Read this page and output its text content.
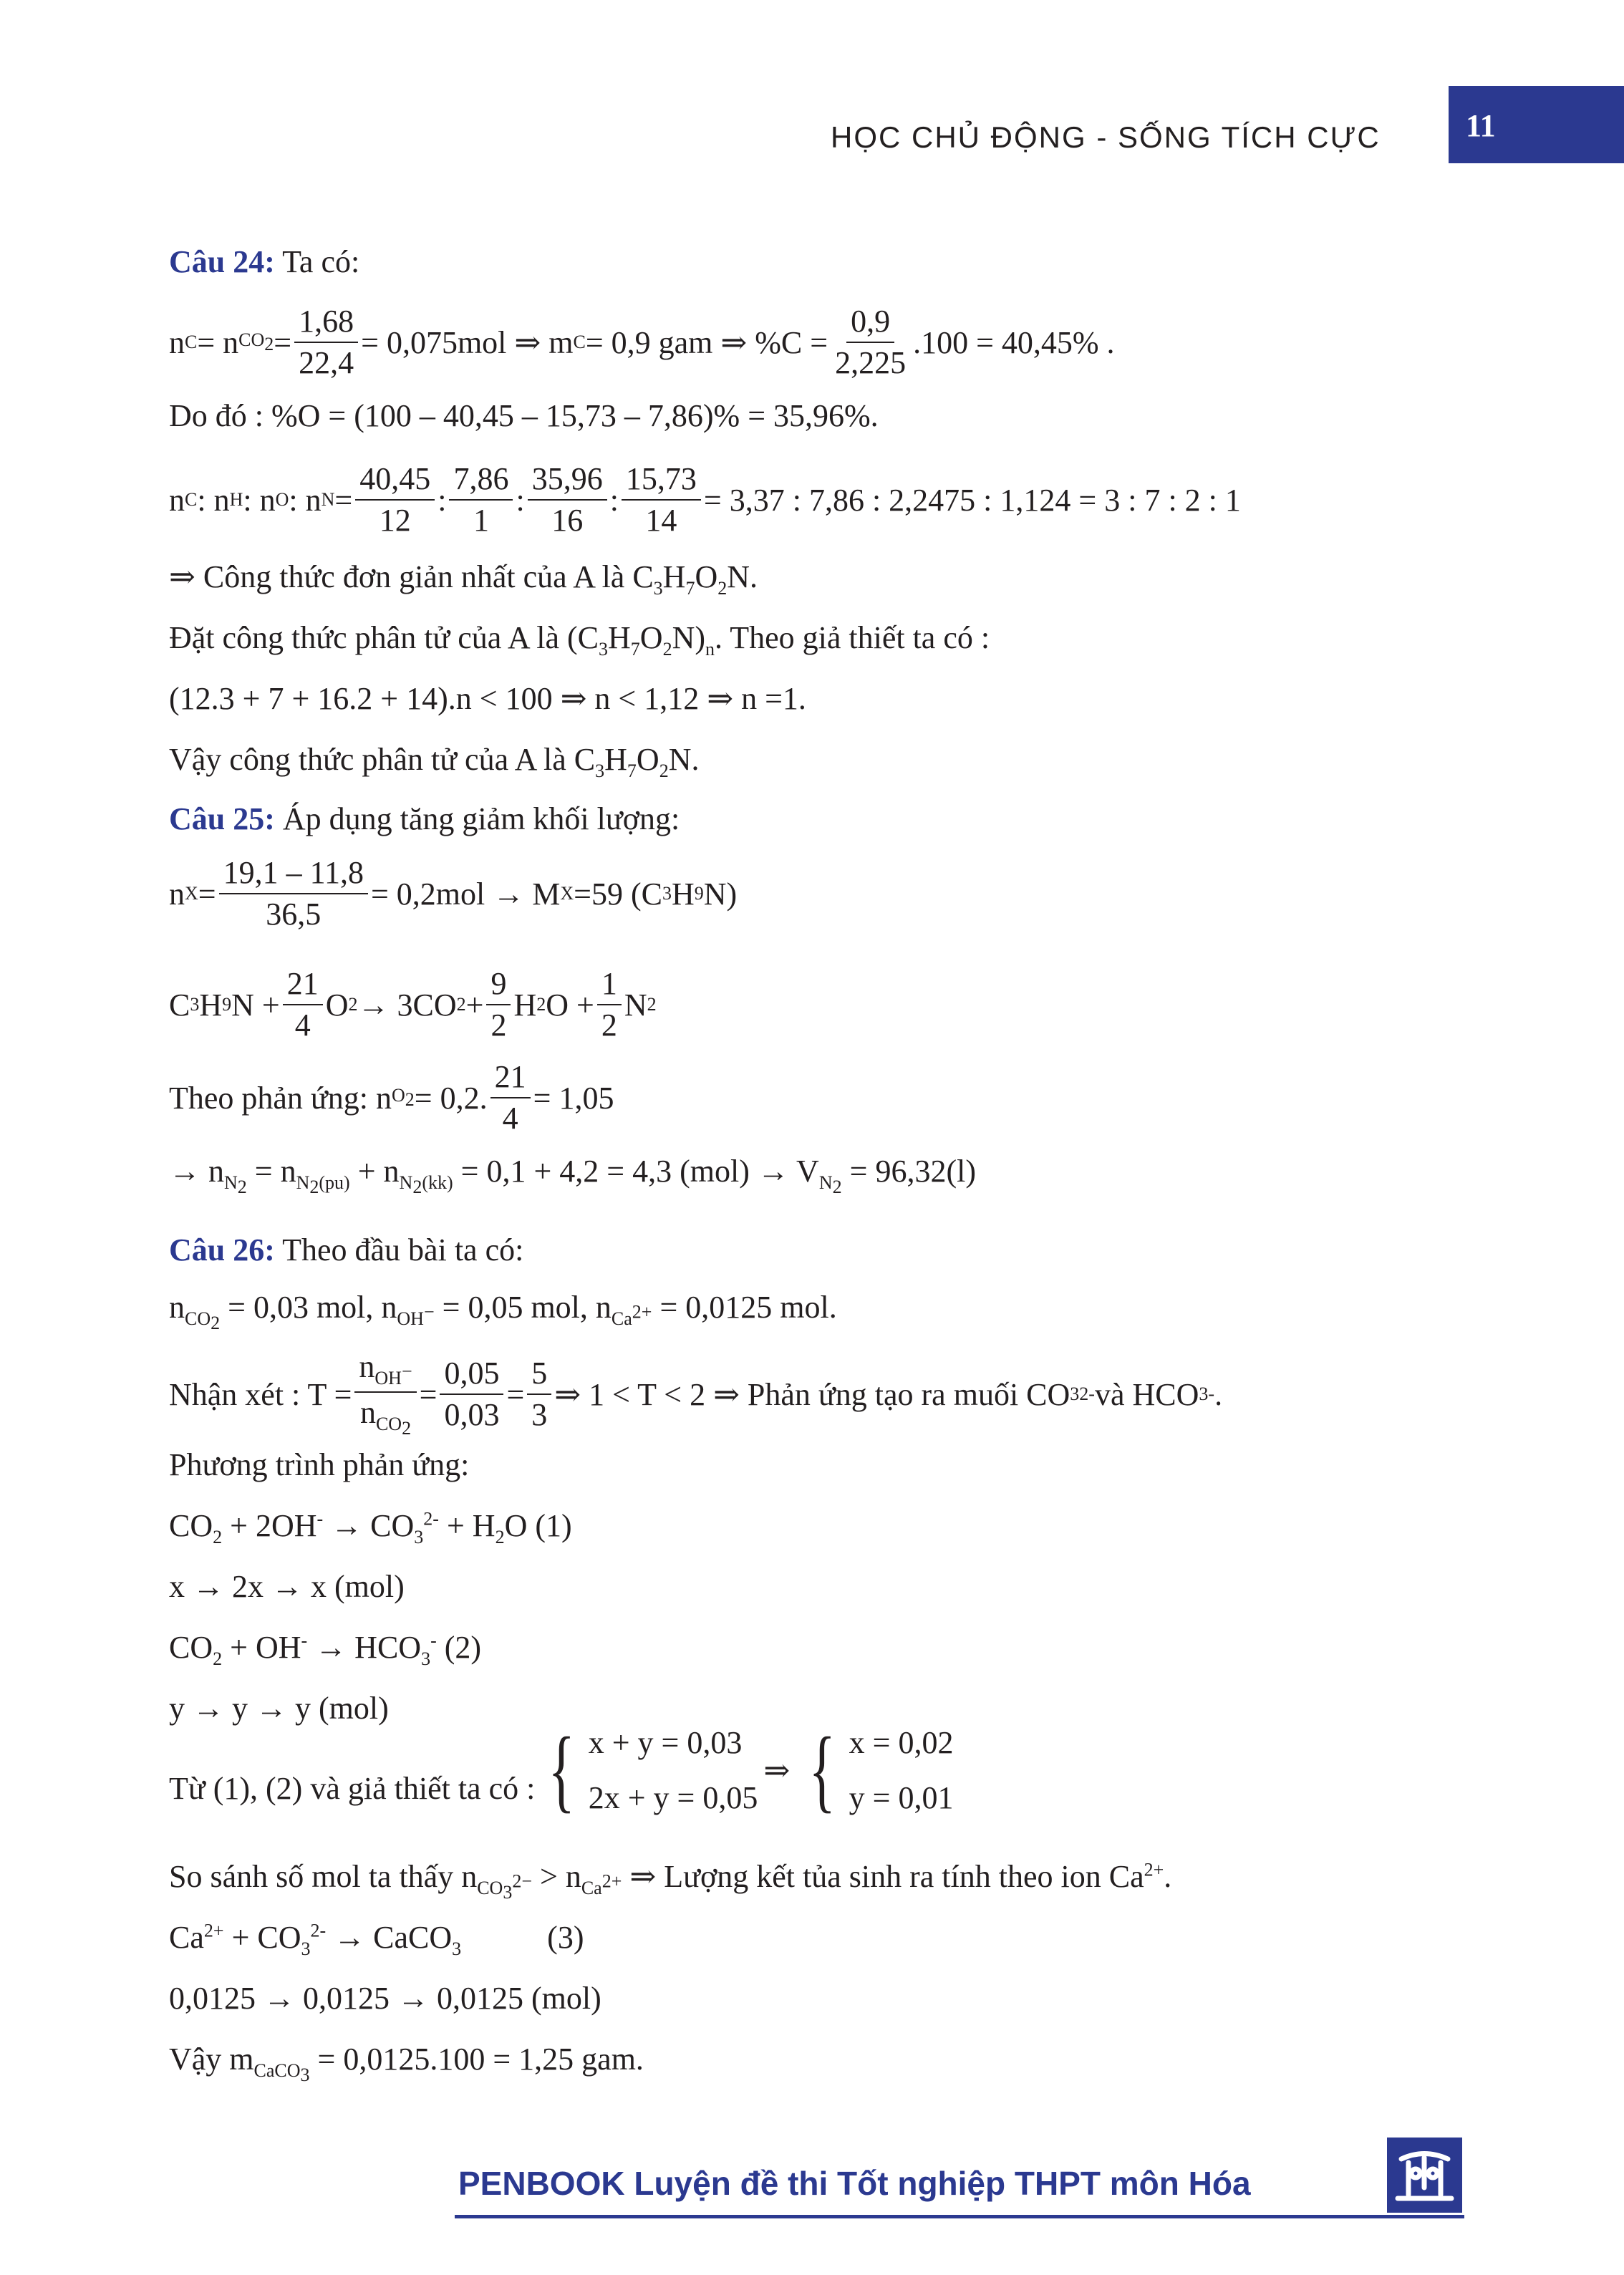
HỌC CHỦ ĐỘNG - SỐNG TÍCH CỰC	11
Câu 24: Ta có:
n C = n $CO_2 = \frac{1,68}{22,4} = 0,075mol$ ⇒ m C = 0,9 gam ⇒ $\%C = \frac{0,9}{2,225} .100 = 40,45\%$ .
Do đó : %O = (100 – 40,45 – 15,73 – 7,86)% = 35,96%.
n C : n H : n O : n $N = \frac{40,45}{12}$ : $\frac{7,86}{1}$ : $\frac{35,96}{16}$ : $\frac{15,73}{14} = 3,37$ : 7,86 : 2,2475 : 1,124 = 3 : 7 : 2 : 1
⇒ Công thức đơn giản nhất của A là $C_3H_7O_2N$.
Đặt công thức phân tử của A là $(C_3H_7O_2N)_n$. Theo giả thiết ta có :
(12.3 + 7 + 16.2 + 14).n < 100 ⇒ n < 1,12 ⇒ n =1.
Vậy công thức phân tử của A là $C_3H_7O_2N$.
Câu 25: Áp dụng tăng giảm khối lượng:
n $X = \frac{19,1 - 11,8}{36,5} = 0,2mol \to M$ X =59 (C 3 H 9 N)
C 3 H 9 $N + \frac{21}{4}$ O 2 → 3CO $2 + \frac{9}{2}$ H 2 $O + \frac{1}{2}$ N 2
Theo phản ứng: n $O_2 = 0,2$. $\frac{21}{4} = 1,05$
→ $n_{N_2} = n_{N_2(pu)} + n_{N_2(kk)} = 0,1 + 4,2 = 4,3$ $(mol) \to V_{N_2} = 96,32(l)$
Câu 26: Theo đầu bài ta có:
$n_{CO_2} = 0,03$ mol, $n_{OH^-} = 0,05$ mol, $n_{Ca^{2+}} = 0,0125$ mol.
Nhận xét : $T = \frac{n_{OH^-}}{n_{CO_2}} = \frac{0,05}{0,03} = \frac{5}{3}$ ⇒ 1 < T < 2 ⇒ Phản ứng tạo ra muối CO 3 2- và HCO 3 - .
Phương trình phản ứng:
$CO_2 + 2OH^- \to CO_3^{2-} + H_2O$ (1)
x → 2x → x (mol)
$CO_2 + OH^- \to HCO_3^-$ (2)
y → y → y (mol)
Từ (1), (2) và giả thiết ta có : { x + y = 0,03
2x + y = 0,05
⇒ { x = 0,02
y = 0,01
So sánh số mol ta thấy $n_{CO_3^{2-}} > n_{Ca^{2+}}$ ⇒ Lượng kết tủa sinh ra tính theo ion $Ca^{2+}$.
$Ca^{2+} + CO_3^{2-}$ → CaCO$_3$	(3)
0,0125 → 0,0125 → 0,0125 (mol)
Vậy $m_{CaCO_3} = 0,0125.100 = 1,25$ gam.
PENBOOK Luyện đề thi Tốt nghiệp THPT môn Hóa
